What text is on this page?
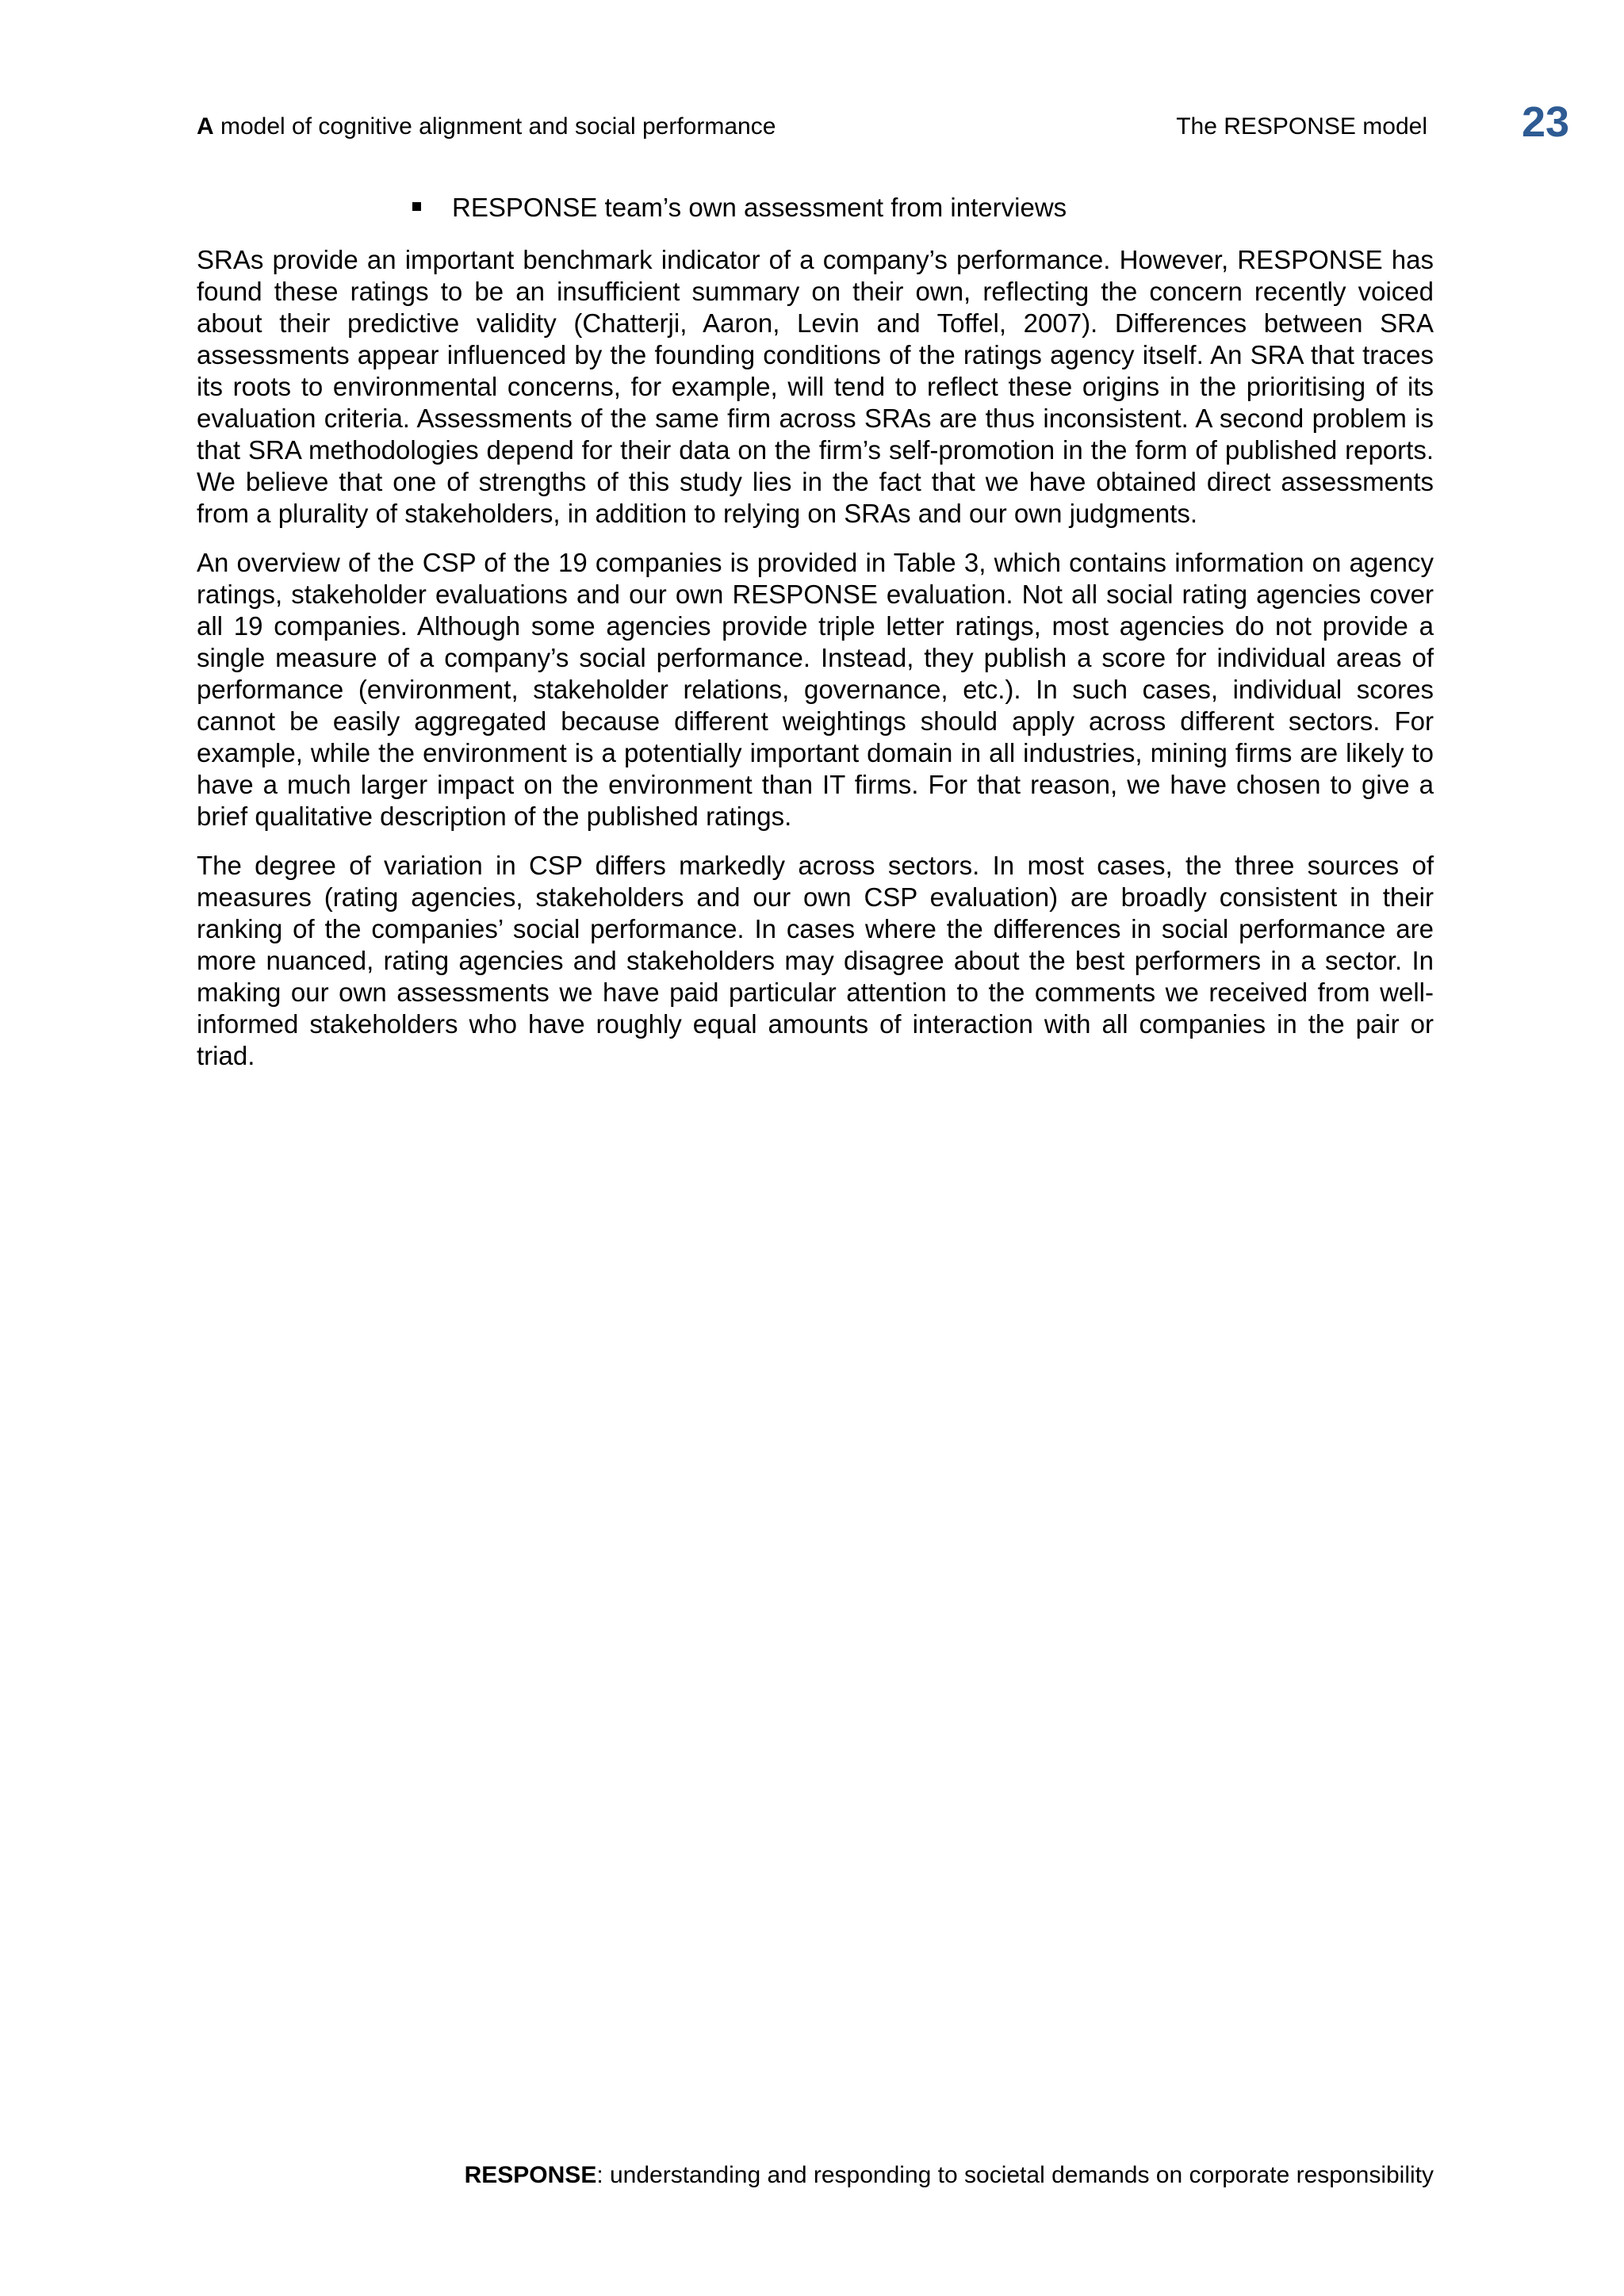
A model of cognitive alignment and social performance	The RESPONSE model	23
RESPONSE team’s own assessment from interviews

SRAs provide an important benchmark indicator of a company’s performance. However, RESPONSE has found these ratings to be an insufficient summary on their own, reflecting the concern recently voiced about their predictive validity (Chatterji, Aaron, Levin and Toffel, 2007). Differences between SRA assessments appear influenced by the founding conditions of the ratings agency itself. An SRA that traces its roots to environmental concerns, for example, will tend to reflect these origins in the prioritising of its evaluation criteria. Assessments of the same firm across SRAs are thus inconsistent. A second problem is that SRA methodologies depend for their data on the firm’s self-promotion in the form of published reports. We believe that one of strengths of this study lies in the fact that we have obtained direct assessments from a plurality of stakeholders, in addition to relying on SRAs and our own judgments.

An overview of the CSP of the 19 companies is provided in Table 3, which contains information on agency ratings, stakeholder evaluations and our own RESPONSE evaluation. Not all social rating agencies cover all 19 companies. Although some agencies provide triple letter ratings, most agencies do not provide a single measure of a company’s social performance. Instead, they publish a score for individual areas of performance (environment, stakeholder relations, governance, etc.). In such cases, individual scores cannot be easily aggregated because different weightings should apply across different sectors. For example, while the environment is a potentially important domain in all industries, mining firms are likely to have a much larger impact on the environment than IT firms. For that reason, we have chosen to give a brief qualitative description of the published ratings.

The degree of variation in CSP differs markedly across sectors. In most cases, the three sources of measures (rating agencies, stakeholders and our own CSP evaluation) are broadly consistent in their ranking of the companies’ social performance. In cases where the differences in social performance are more nuanced, rating agencies and stakeholders may disagree about the best performers in a sector. In making our own assessments we have paid particular attention to the comments we received from well-informed stakeholders who have roughly equal amounts of interaction with all companies in the pair or triad.

RESPONSE: understanding and responding to societal demands on corporate responsibility
